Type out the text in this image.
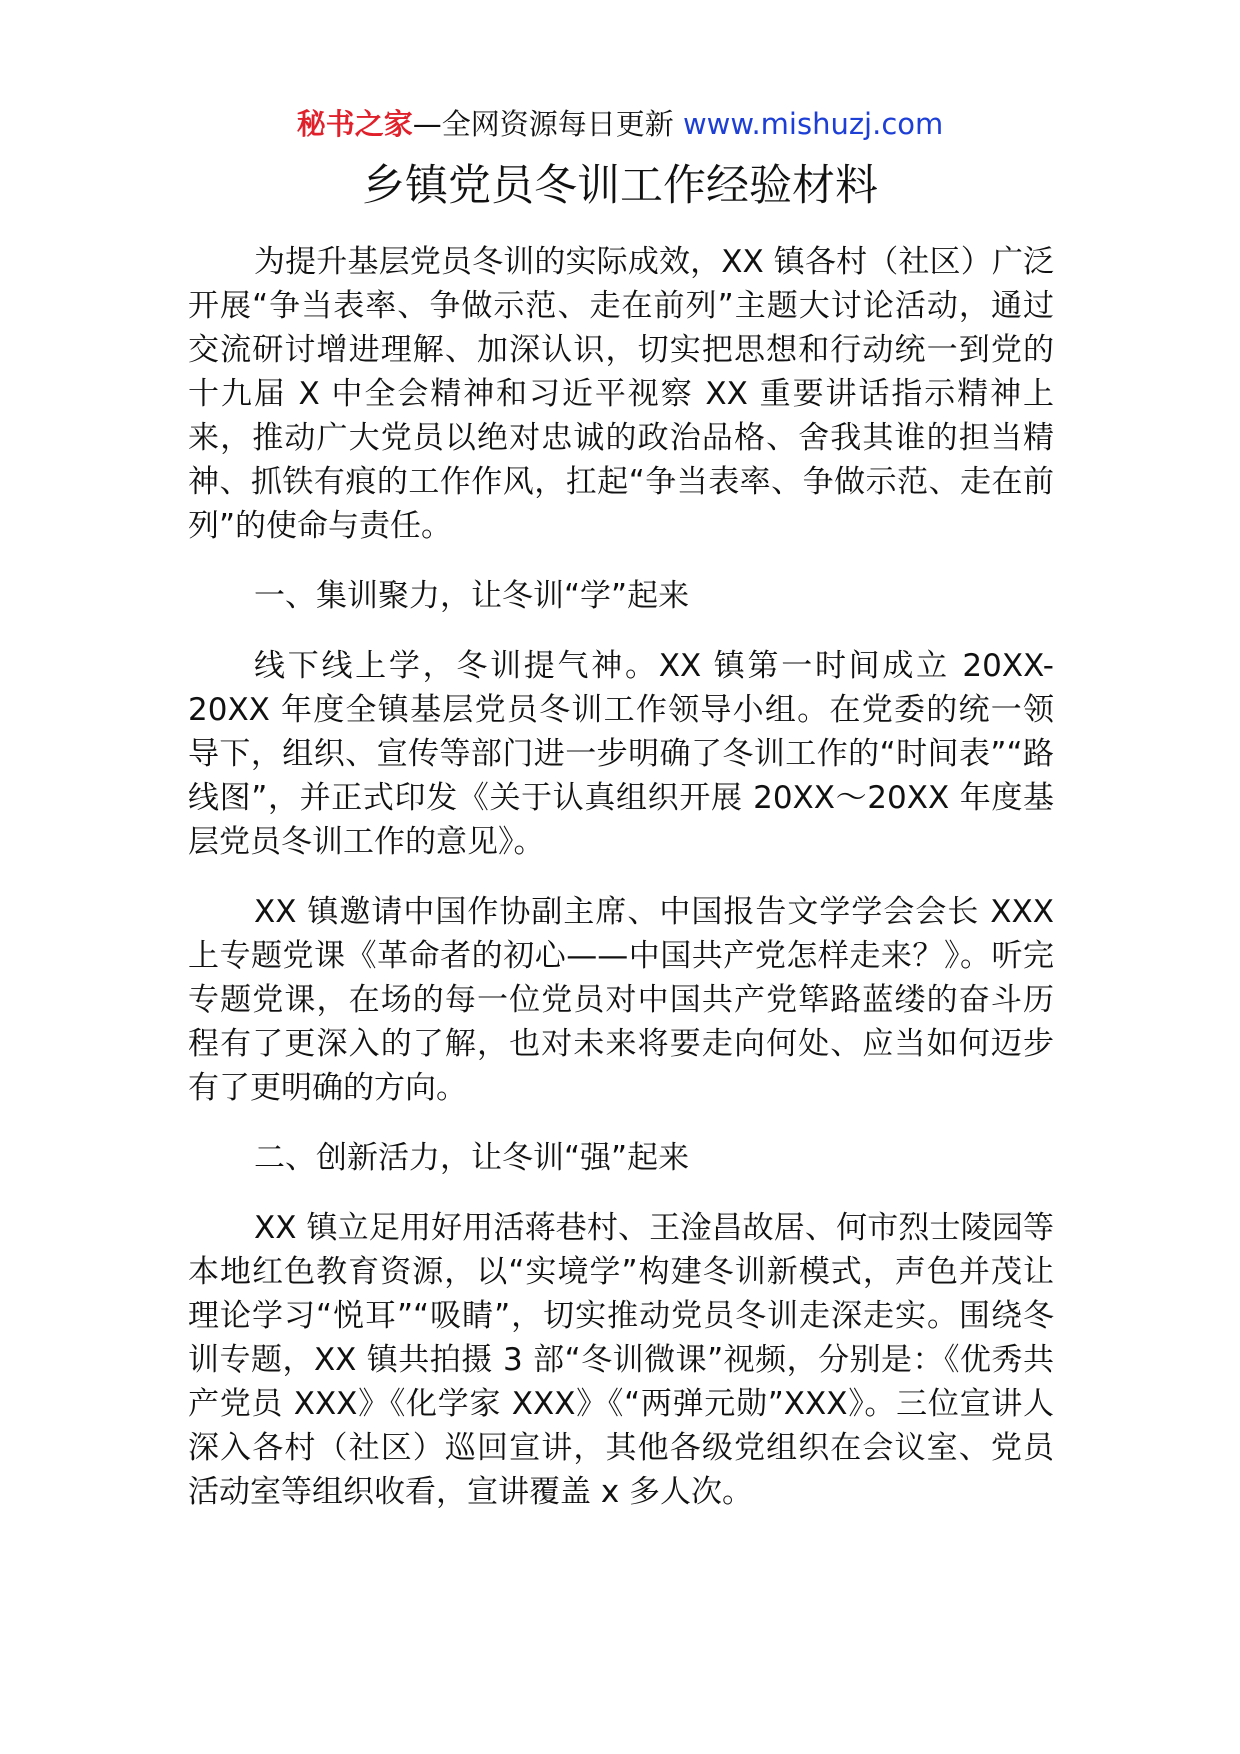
秘书之家—全网资源每日更新 www.mishuzj.com
乡镇党员冬训工作经验材料

为提升基层党员冬训的实际成效，XX 镇各村（社区）广泛开展“争当表率、争做示范、走在前列”主题大讨论活动，通过交流研讨增进理解、加深认识，切实把思想和行动统一到党的十九届 X 中全会精神和习近平视察 XX 重要讲话指示精神上来，推动广大党员以绝对忠诚的政治品格、舍我其谁的担当精神、抓铁有痕的工作作风，扛起“争当表率、争做示范、走在前列”的使命与责任。

一、集训聚力，让冬训“学”起来

线下线上学，冬训提气神。XX 镇第一时间成立 20XX-20XX 年度全镇基层党员冬训工作领导小组。在党委的统一领导下，组织、宣传等部门进一步明确了冬训工作的“时间表”“路线图”，并正式印发《关于认真组织开展 20XX～20XX 年度基层党员冬训工作的意见》。

XX 镇邀请中国作协副主席、中国报告文学学会会长 XXX 上专题党课《革命者的初心——中国共产党怎样走来？》。听完专题党课，在场的每一位党员对中国共产党筚路蓝缕的奋斗历程有了更深入的了解，也对未来将要走向何处、应当如何迈步有了更明确的方向。

二、创新活力，让冬训“强”起来

XX 镇立足用好用活蒋巷村、王淦昌故居、何市烈士陵园等本地红色教育资源，以“实境学”构建冬训新模式，声色并茂让理论学习“悦耳”“吸睛”，切实推动党员冬训走深走实。围绕冬训专题，XX 镇共拍摄 3 部“冬训微课”视频，分别是：《优秀共产党员 XXX》《化学家 XXX》《“两弹元勋”XXX》。三位宣讲人深入各村（社区）巡回宣讲，其他各级党组织在会议室、党员活动室等组织收看，宣讲覆盖 x 多人次。
